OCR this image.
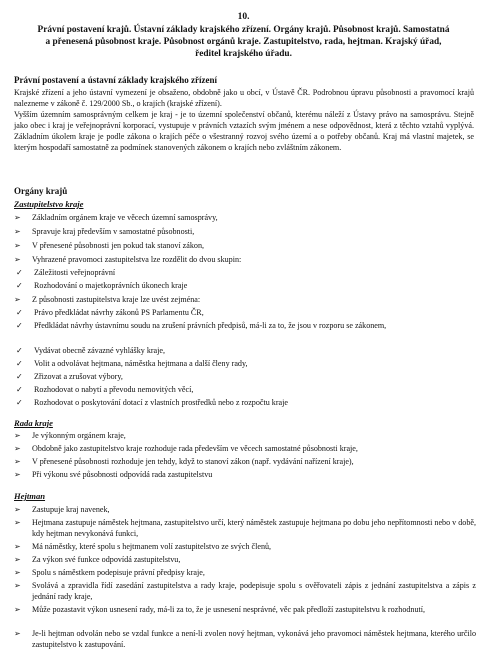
10.
Právní postavení krajů. Ústavní základy krajského zřízení. Orgány krajů. Působnost krajů. Samostatná
a přenesená působnost kraje. Působnost orgánů kraje. Zastupitelstvo, rada, hejtman. Krajský úřad,
ředitel krajského úřadu.
Právní postavení a ústavní základy krajského zřízení
Krajské zřízení a jeho ústavní vymezení je obsaženo, obdobně jako u obcí, v Ústavě ČR. Podrobnou úpravu působnosti a pravomocí krajů nalezneme v zákoně č. 129/2000 Sb., o krajích (krajské zřízení).
Vyšším územním samosprávným celkem je kraj - je to územní společenství občanů, kterému náleží z Ústavy právo na samosprávu. Stejně jako obec i kraj je veřejnoprávní korporací, vystupuje v právních vztazích svým jménem a nese odpovědnost, která z těchto vztahů vyplývá. Základním úkolem kraje je podle zákona o krajích péče o všestranný rozvoj svého území a o potřeby občanů. Kraj má vlastní majetek, se kterým hospodaří samostatně za podmínek stanovených zákonem o krajích nebo zvláštním zákonem.
Orgány krajů
Zastupitelstvo kraje
➢	Základním orgánem kraje ve věcech územní samosprávy,
➢	Spravuje kraj především v samostatné působnosti,
➢	V přenesené působnosti jen pokud tak stanoví zákon,
➢	Vyhrazené pravomoci zastupitelstva lze rozdělit do dvou skupin:
✓	Záležitosti veřejnoprávní
✓	Rozhodování o majetkoprávních úkonech kraje
➢	Z působnosti zastupitelstva kraje lze uvést zejména:
✓	Právo předkládat návrhy zákonů PS Parlamentu ČR,
✓	Předkládat návrhy ústavnímu soudu na zrušení právních předpisů, má-li za to, že jsou v rozporu se zákonem,
✓	Vydávat obecně závazné vyhlášky kraje,
✓	Volit a odvolávat hejtmana, náměstka hejtmana a další členy rady,
✓	Zřizovat a zrušovat výbory,
✓	Rozhodovat o nabytí a převodu nemovitých věcí,
✓	Rozhodovat o poskytování dotací z vlastních prostředků nebo z rozpočtu kraje
Rada kraje
➢	Je výkonným orgánem kraje,
➢	Obdobně jako zastupitelstvo kraje rozhoduje rada především ve věcech samostatné působnosti kraje,
➢	V přenesené působnosti rozhoduje jen tehdy, když to stanoví zákon (např. vydávání nařízení kraje),
➢	Při výkonu své působnosti odpovídá rada zastupitelstvu
Hejtman
➢	Zastupuje kraj navenek,
➢	Hejtmana zastupuje náměstek hejtmana, zastupitelstvo určí, který náměstek zastupuje hejtmana po dobu jeho nepřítomnosti nebo v době, kdy hejtman nevykonává funkci,
➢	Má náměstky, které spolu s hejtmanem volí zastupitelstvo ze svých členů,
➢	Za výkon své funkce odpovídá zastupitelstvu,
➢	Spolu s náměstkem podepisuje právní předpisy kraje,
➢	Svolává a zpravidla řídí zasedání zastupitelstva a rady kraje, podepisuje spolu s ověřovateli zápis z jednání zastupitelstva a zápis z jednání rady kraje,
➢	Může pozastavit výkon usnesení rady, má-li za to, že je usnesení nesprávné, věc pak předloží zastupitelstvu k rozhodnutí,
➢	Je-li hejtman odvolán nebo se vzdal funkce a není-li zvolen nový hejtman, vykonává jeho pravomoci náměstek hejtmana, kterého určilo zastupitelstvo k zastupování.
